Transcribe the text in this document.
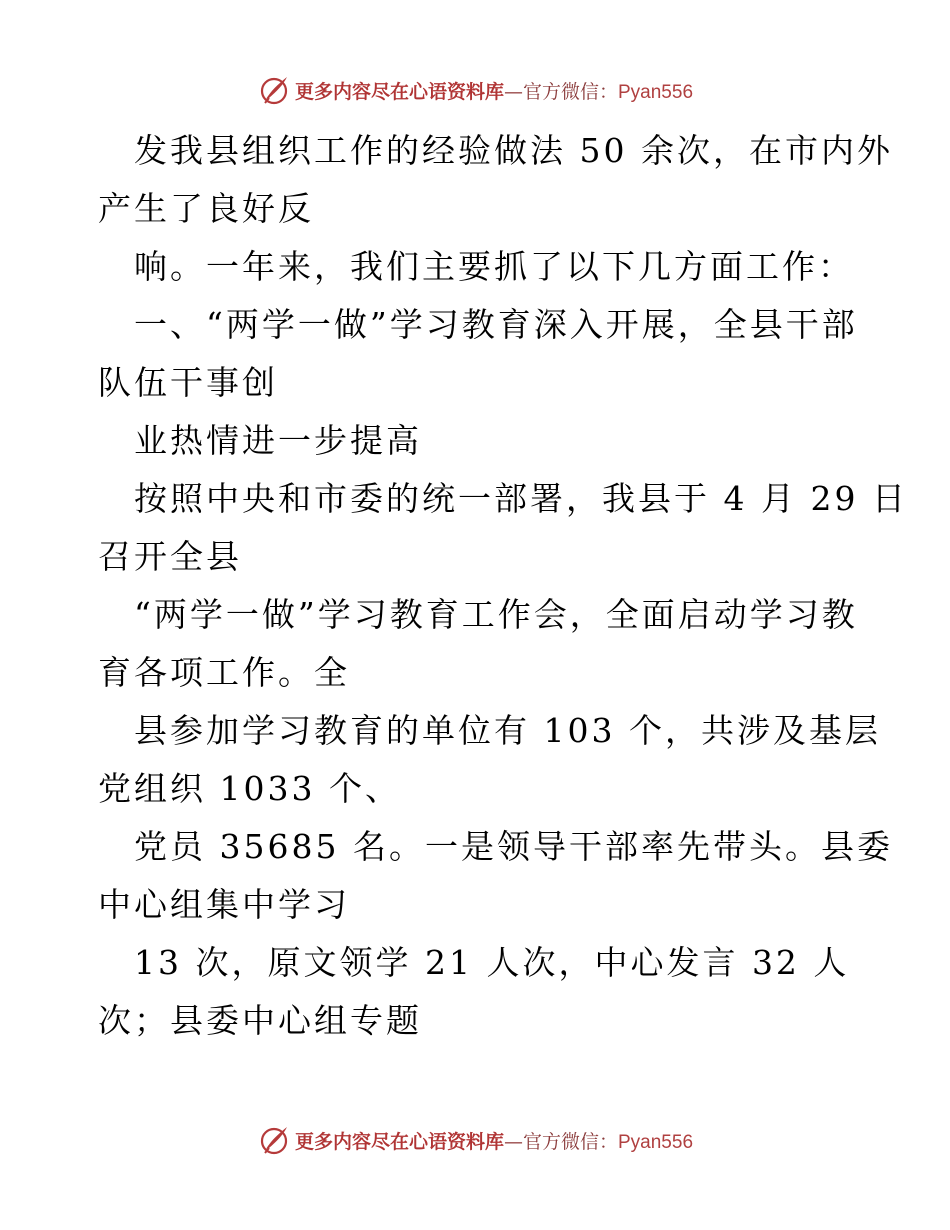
更多内容尽在心语资料库—官方微信：Pyan556
发我县组织工作的经验做法 50 余次，在市内外
产生了良好反
响。一年来，我们主要抓了以下几方面工作：
一、“两学一做”学习教育深入开展，全县干部
队伍干事创
业热情进一步提高
按照中央和市委的统一部署，我县于 4 月 29 日
召开全县
“两学一做”学习教育工作会，全面启动学习教
育各项工作。全
县参加学习教育的单位有 103 个，共涉及基层
党组织 1033 个、
党员 35685 名。一是领导干部率先带头。县委
中心组集中学习
13 次，原文领学 21 人次，中心发言 32 人
次；县委中心组专题
更多内容尽在心语资料库—官方微信：Pyan556
